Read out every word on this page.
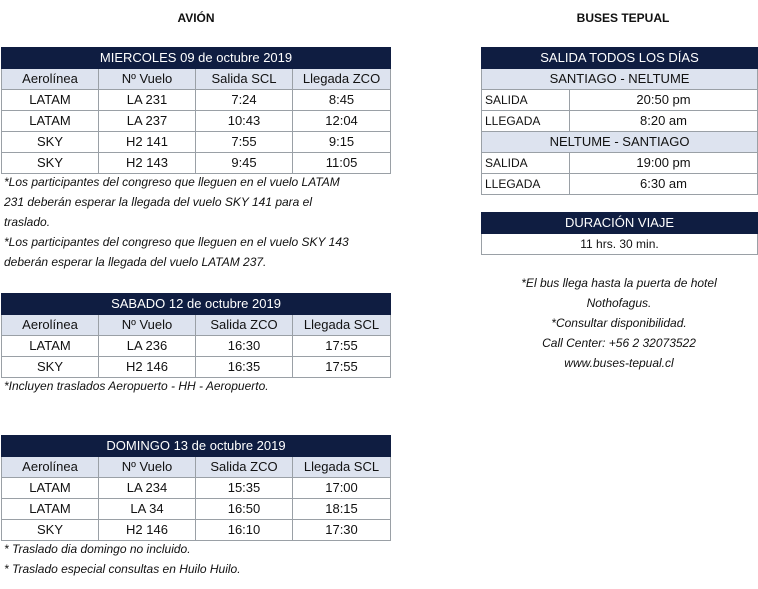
AVIÓN	BUSES TEPUAL
MIERCOLES 09 de octubre 2019			
Aerolínea	Nº Vuelo	Salida SCL	Llegada ZCO
LATAM	LA 231	7:24	8:45
LATAM	LA 237	10:43	12:04
SKY	H2 141	7:55	9:15
SKY	H2 143	9:45	11:05
*Los participantes del congreso que lleguen en el vuelo LATAM
231 deberán esperar la llegada del vuelo SKY 141 para el
traslado.
*Los participantes del congreso que lleguen en el vuelo SKY 143
deberán esperar la llegada del vuelo LATAM 237.
SABADO 12 de octubre 2019			
Aerolínea	Nº Vuelo	Salida ZCO	Llegada SCL
LATAM	LA 236	16:30	17:55
SKY	H2 146	16:35	17:55
*Incluyen traslados Aeropuerto - HH - Aeropuerto.
DOMINGO 13 de octubre 2019			
Aerolínea	Nº Vuelo	Salida ZCO	Llegada SCL
LATAM	LA 234	15:35	17:00
LATAM	LA 34	16:50	18:15
SKY	H2 146	16:10	17:30
* Traslado dia domingo no incluido.
* Traslado especial consultas en Huilo Huilo.
SALIDA TODOS LOS DÍAS	
SANTIAGO - NELTUME	
SALIDA	20:50 pm
LLEGADA	8:20 am
NELTUME - SANTIAGO	
SALIDA	19:00 pm
LLEGADA	6:30 am
DURACIÓN VIAJE
11 hrs. 30 min.
*El bus llega hasta la puerta de hotel
Nothofagus.
*Consultar disponibilidad.
Call Center: +56 2 32073522
www.buses-tepual.cl
